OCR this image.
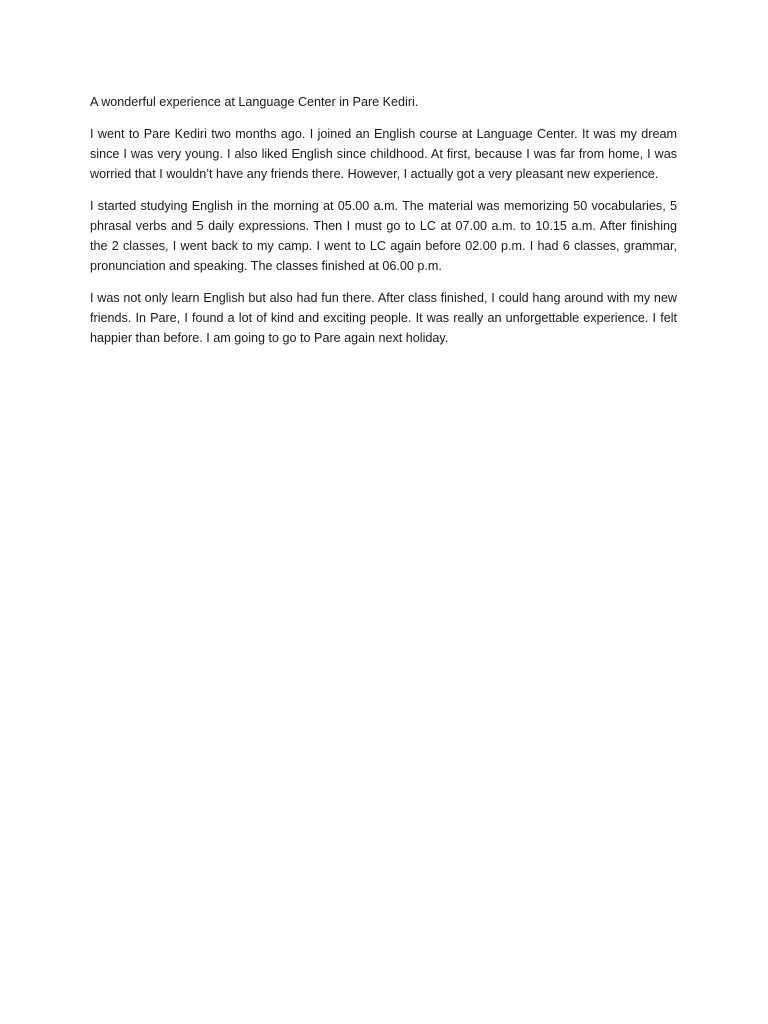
A wonderful experience at Language Center in Pare Kediri.

I went to Pare Kediri two months ago. I joined an English course at Language Center. It was my dream since I was very young. I also liked English since childhood. At first, because I was far from home, I was worried that I wouldn’t have any friends there. However, I actually got a very pleasant new experience.

I started studying English in the morning at 05.00 a.m. The material was memorizing 50 vocabularies, 5 phrasal verbs and 5 daily expressions. Then I must go to LC at 07.00 a.m. to 10.15 a.m. After finishing the 2 classes, I went back to my camp. I went to LC again before 02.00 p.m. I had 6 classes, grammar, pronunciation and speaking. The classes finished at 06.00 p.m.

I was not only learn English but also had fun there. After class finished, I could hang around with my new friends. In Pare, I found a lot of kind and exciting people. It was really an unforgettable experience. I felt happier than before. I am going to go to Pare again next holiday.
